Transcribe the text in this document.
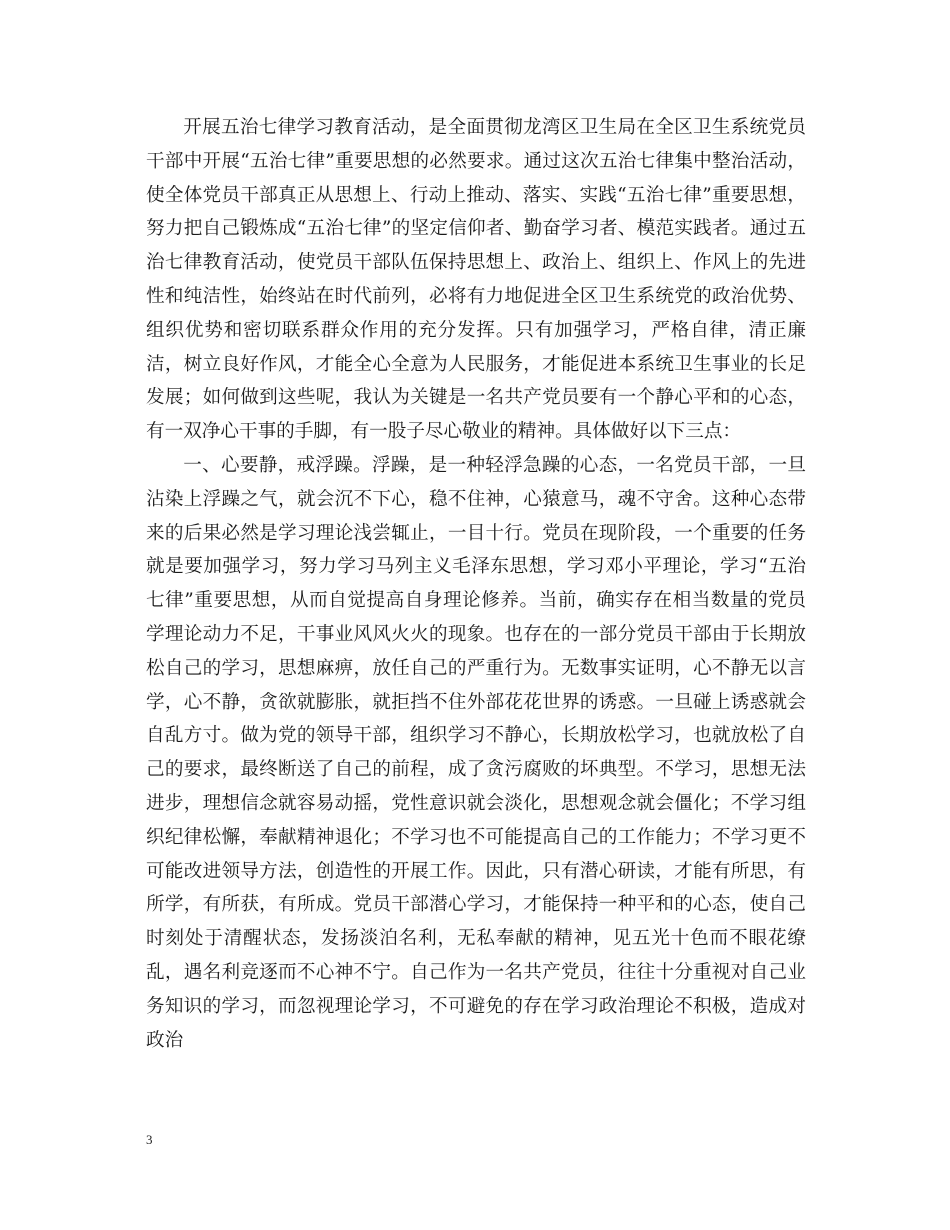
开展五治七律学习教育活动，是全面贯彻龙湾区卫生局在全区卫生系统党员干部中开展“五治七律”重要思想的必然要求。通过这次五治七律集中整治活动，使全体党员干部真正从思想上、行动上推动、落实、实践“五治七律”重要思想，努力把自己锻炼成“五治七律”的坚定信仰者、勤奋学习者、模范实践者。通过五治七律教育活动，使党员干部队伍保持思想上、政治上、组织上、作风上的先进性和纯洁性，始终站在时代前列，必将有力地促进全区卫生系统党的政治优势、组织优势和密切联系群众作用的充分发挥。只有加强学习，严格自律，清正廉洁，树立良好作风，才能全心全意为人民服务，才能促进本系统卫生事业的长足发展；如何做到这些呢，我认为关键是一名共产党员要有一个静心平和的心态，有一双净心干事的手脚，有一股子尽心敬业的精神。具体做好以下三点：

一、心要静，戒浮躁。浮躁，是一种轻浮急躁的心态，一名党员干部，一旦沾染上浮躁之气，就会沉不下心，稳不住神，心猿意马，魂不守舍。这种心态带来的后果必然是学习理论浅尝辄止，一目十行。党员在现阶段，一个重要的任务就是要加强学习，努力学习马列主义毛泽东思想，学习邓小平理论，学习“五治七律”重要思想，从而自觉提高自身理论修养。当前，确实存在相当数量的党员学理论动力不足，干事业风风火火的现象。也存在的一部分党员干部由于长期放松自己的学习，思想麻痹，放任自己的严重行为。无数事实证明，心不静无以言学，心不静，贪欲就膨胀，就拒挡不住外部花花世界的诱惑。一旦碰上诱惑就会自乱方寸。做为党的领导干部，组织学习不静心，长期放松学习，也就放松了自己的要求，最终断送了自己的前程，成了贪污腐败的坏典型。不学习，思想无法进步，理想信念就容易动摇，党性意识就会淡化，思想观念就会僵化；不学习组织纪律松懈，奉献精神退化；不学习也不可能提高自己的工作能力；不学习更不可能改进领导方法，创造性的开展工作。因此，只有潜心研读，才能有所思，有所学，有所获，有所成。党员干部潜心学习，才能保持一种平和的心态，使自己时刻处于清醒状态，发扬淡泊名利，无私奉献的精神，见五光十色而不眼花缭乱，遇名利竞逐而不心神不宁。自己作为一名共产党员，往往十分重视对自己业务知识的学习，而忽视理论学习，不可避免的存在学习政治理论不积极，造成对政治

3
